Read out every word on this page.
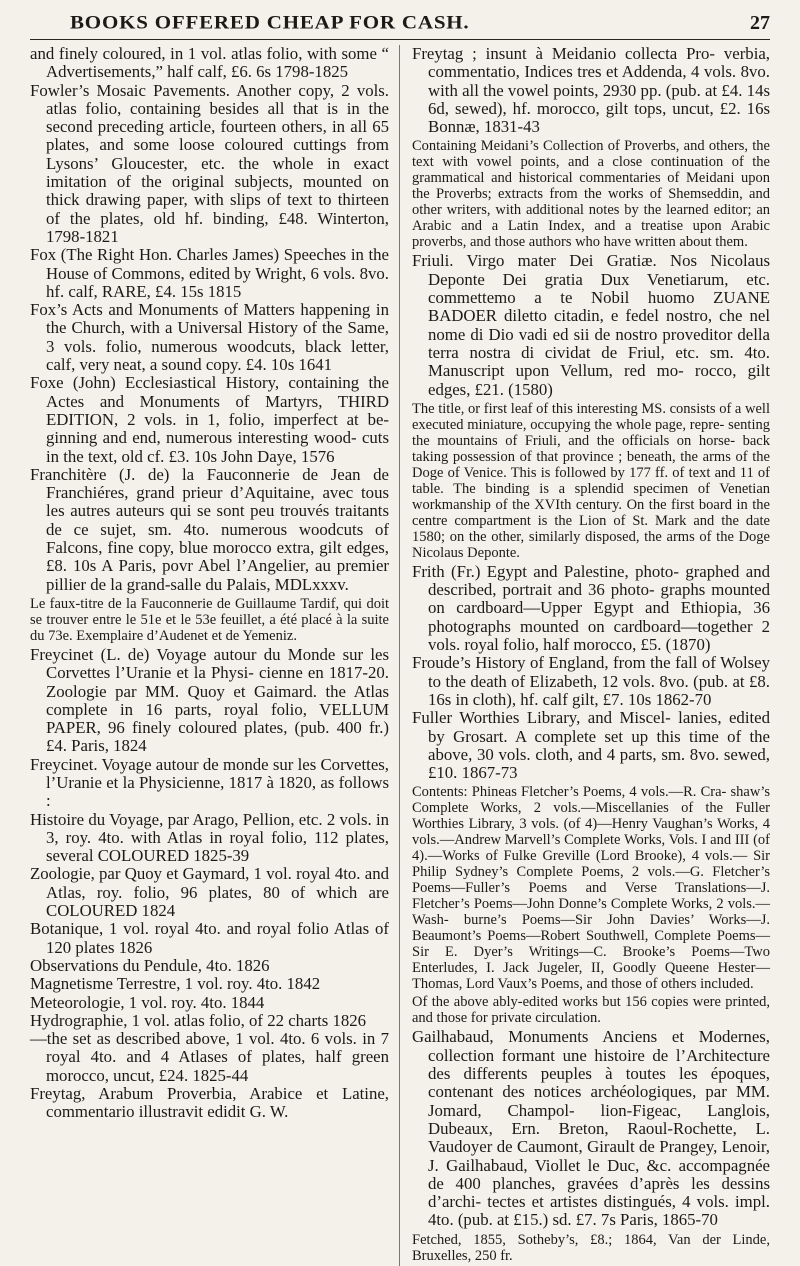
BOOKS OFFERED CHEAP FOR CASH.	27

and finely coloured, in 1 vol. atlas folio, with some “ Advertisements,” half calf, £6. 6s 1798-1825

Fowler’s Mosaic Pavements. Another copy, 2 vols. atlas folio, containing besides all that is in the second preceding article, fourteen others, in all 65 plates, and some loose coloured cuttings from Lysons’ Gloucester, etc. the whole in exact imitation of the original subjects, mounted on thick drawing paper, with slips of text to thirteen of the plates, old hf. binding, £48. Winterton, 1798-1821

Fox (The Right Hon. Charles James) Speeches in the House of Commons, edited by Wright, 6 vols. 8vo. hf. calf, RARE, £4. 15s 1815

Fox’s Acts and Monuments of Matters happening in the Church, with a Universal History of the Same, 3 vols. folio, numerous woodcuts, black letter, calf, very neat, a sound copy. £4. 10s 1641

Foxe (John) Ecclesiastical History, containing the Actes and Monuments of Martyrs, THIRD EDITION, 2 vols. in 1, folio, imperfect at be- ginning and end, numerous interesting wood- cuts in the text, old cf. £3. 10s John Daye, 1576

Franchitère (J. de) la Fauconnerie de Jean de Franchiéres, grand prieur d’Aquitaine, avec tous les autres auteurs qui se sont peu trouvés traitants de ce sujet, sm. 4to. numerous woodcuts of Falcons, fine copy, blue morocco extra, gilt edges, £8. 10s A Paris, povr Abel l’Angelier, au premier pillier de la grand-salle du Palais, MDLxxxv.

Le faux-titre de la Fauconnerie de Guillaume Tardif, qui doit se trouver entre le 51e et le 53e feuillet, a été placé à la suite du 73e. Exemplaire d’Audenet et de Yemeniz.

Freycinet (L. de) Voyage autour du Monde sur les Corvettes l’Uranie et la Physi- cienne en 1817-20. Zoologie par MM. Quoy et Gaimard. the Atlas complete in 16 parts, royal folio, VELLUM PAPER, 96 finely coloured plates, (pub. 400 fr.) £4. Paris, 1824

Freycinet. Voyage autour de monde sur les Corvettes, l’Uranie et la Physicienne, 1817 à 1820, as follows :

Histoire du Voyage, par Arago, Pellion, etc. 2 vols. in 3, roy. 4to. with Atlas in royal folio, 112 plates, several COLOURED 1825-39

Zoologie, par Quoy et Gaymard, 1 vol. royal 4to. and Atlas, roy. folio, 96 plates, 80 of which are COLOURED 1824

Botanique, 1 vol. royal 4to. and royal folio Atlas of 120 plates 1826

Observations du Pendule, 4to. 1826

Magnetisme Terrestre, 1 vol. roy. 4to. 1842

Meteorologie, 1 vol. roy. 4to. 1844

Hydrographie, 1 vol. atlas folio, of 22 charts 1826

—the set as described above, 1 vol. 4to. 6 vols. in 7 royal 4to. and 4 Atlases of plates, half green morocco, uncut, £24. 1825-44

Freytag, Arabum Proverbia, Arabice et Latine, commentario illustravit edidit G. W.

Freytag ; insunt à Meidanio collecta Pro- verbia, commentatio, Indices tres et Addenda, 4 vols. 8vo. with all the vowel points, 2930 pp. (pub. at £4. 14s 6d, sewed), hf. morocco, gilt tops, uncut, £2. 16s Bonnæ, 1831-43

Containing Meidani’s Collection of Proverbs, and others, the text with vowel points, and a close continuation of the grammatical and historical commentaries of Meidani upon the Proverbs; extracts from the works of Shemseddin, and other writers, with additional notes by the learned editor; an Arabic and a Latin Index, and a treatise upon Arabic proverbs, and those authors who have written about them.

Friuli. Virgo mater Dei Gratiæ. Nos Nicolaus Deponte Dei gratia Dux Venetiarum, etc. commettemo a te Nobil huomo ZUANE BADOER diletto citadin, e fedel nostro, che nel nome di Dio vadi ed sii de nostro proveditor della terra nostra di cividat de Friul, etc. sm. 4to. Manuscript upon Vellum, red mo- rocco, gilt edges, £21. (1580)

The title, or first leaf of this interesting MS. consists of a well executed miniature, occupying the whole page, repre- senting the mountains of Friuli, and the officials on horse- back taking possession of that province ; beneath, the arms of the Doge of Venice. This is followed by 177 ff. of text and 11 of table. The binding is a splendid specimen of Venetian workmanship of the XVIth century. On the first board in the centre compartment is the Lion of St. Mark and the date 1580; on the other, similarly disposed, the arms of the Doge Nicolaus Deponte.

Frith (Fr.) Egypt and Palestine, photo- graphed and described, portrait and 36 photo- graphs mounted on cardboard—Upper Egypt and Ethiopia, 36 photographs mounted on cardboard—together 2 vols. royal folio, half morocco, £5. (1870)

Froude’s History of England, from the fall of Wolsey to the death of Elizabeth, 12 vols. 8vo. (pub. at £8. 16s in cloth), hf. calf gilt, £7. 10s 1862-70

Fuller Worthies Library, and Miscel- lanies, edited by Grosart. A complete set up this time of the above, 30 vols. cloth, and 4 parts, sm. 8vo. sewed, £10. 1867-73

Contents: Phineas Fletcher’s Poems, 4 vols.—R. Cra- shaw’s Complete Works, 2 vols.—Miscellanies of the Fuller Worthies Library, 3 vols. (of 4)—Henry Vaughan’s Works, 4 vols.—Andrew Marvell’s Complete Works, Vols. I and III (of 4).—Works of Fulke Greville (Lord Brooke), 4 vols.— Sir Philip Sydney’s Complete Poems, 2 vols.—G. Fletcher’s Poems—Fuller’s Poems and Verse Translations—J. Fletcher’s Poems—John Donne’s Complete Works, 2 vols.—Wash- burne’s Poems—Sir John Davies’ Works—J. Beaumont’s Poems—Robert Southwell, Complete Poems—Sir E. Dyer’s Writings—C. Brooke’s Poems—Two Enterludes, I. Jack Jugeler, II, Goodly Queene Hester—Thomas, Lord Vaux’s Poems, and those of others included.

Of the above ably-edited works but 156 copies were printed, and those for private circulation.

Gailhabaud, Monuments Anciens et Modernes, collection formant une histoire de l’Architecture des differents peuples à toutes les époques, contenant des notices archéologiques, par MM. Jomard, Champol- lion-Figeac, Langlois, Dubeaux, Ern. Breton, Raoul-Rochette, L. Vaudoyer de Caumont, Girault de Prangey, Lenoir, J. Gailhabaud, Viollet le Duc, &c. accompagnée de 400 planches, gravées d’après les dessins d’archi- tectes et artistes distingués, 4 vols. impl. 4to. (pub. at £15.) sd. £7. 7s Paris, 1865-70

Fetched, 1855, Sotheby’s, £8.; 1864, Van der Linde, Bruxelles, 250 fr.
